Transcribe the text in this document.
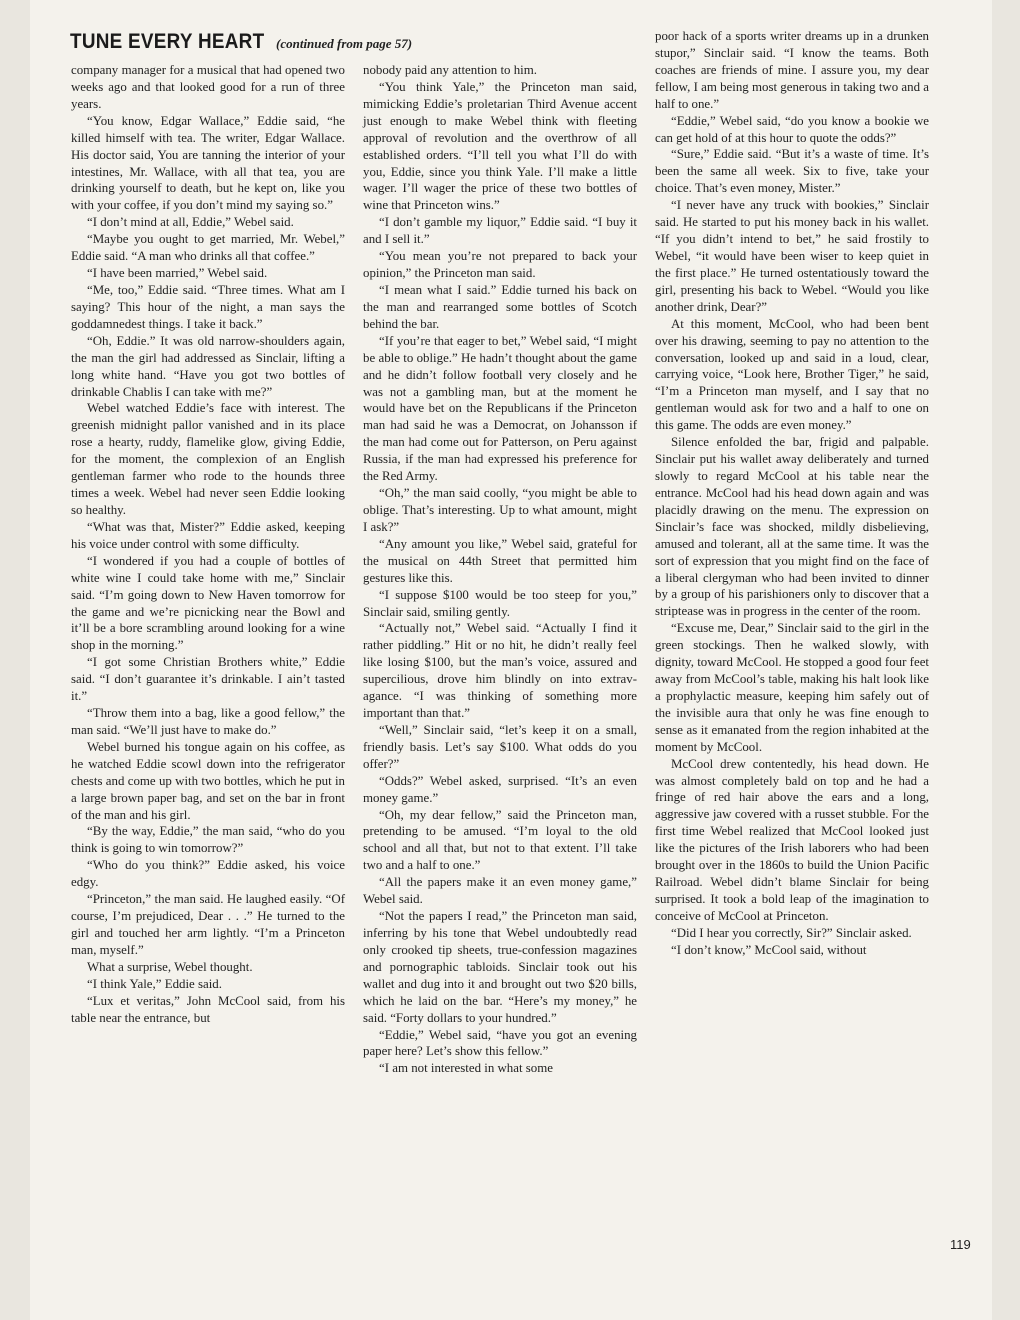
TUNE EVERY HEART (continued from page 57)

company manager for a musical that had opened two weeks ago and that looked good for a run of three years.

“You know, Edgar Wallace,” Eddie said, “he killed himself with tea. The writer, Edgar Wallace. His doctor said, You are tanning the interior of your intestines, Mr. Wallace, with all that tea, you are drinking yourself to death, but he kept on, like you with your coffee, if you don’t mind my saying so.”

“I don’t mind at all, Eddie,” Webel said.

“Maybe you ought to get married, Mr. Webel,” Eddie said. “A man who drinks all that coffee.”

“I have been married,” Webel said.

“Me, too,” Eddie said. “Three times. What am I saying? This hour of the night, a man says the goddamnedest things. I take it back.”

“Oh, Eddie.” It was old narrow-shoulders again, the man the girl had addressed as Sinclair, lifting a long white hand. “Have you got two bottles of drinkable Chablis I can take with me?”

Webel watched Eddie’s face with interest. The greenish midnight pallor vanished and in its place rose a hearty, ruddy, flamelike glow, giving Eddie, for the moment, the complexion of an English gentleman farmer who rode to the hounds three times a week. Webel had never seen Eddie looking so healthy.

“What was that, Mister?” Eddie asked, keeping his voice under control with some difficulty.

“I wondered if you had a couple of bottles of white wine I could take home with me,” Sinclair said. “I’m going down to New Haven tomorrow for the game and we’re picnicking near the Bowl and it’ll be a bore scrambling around looking for a wine shop in the morning.”

“I got some Christian Brothers white,” Eddie said. “I don’t guarantee it’s drinkable. I ain’t tasted it.”

“Throw them into a bag, like a good fellow,” the man said. “We’ll just have to make do.”

Webel burned his tongue again on his coffee, as he watched Eddie scowl down into the refrigerator chests and come up with two bottles, which he put in a large brown paper bag, and set on the bar in front of the man and his girl.

“By the way, Eddie,” the man said, “who do you think is going to win tomorrow?”

“Who do you think?” Eddie asked, his voice edgy.

“Princeton,” the man said. He laughed easily. “Of course, I’m prejudiced, Dear . . .” He turned to the girl and touched her arm lightly. “I’m a Princeton man, myself.”

What a surprise, Webel thought.

“I think Yale,” Eddie said.

“Lux et veritas,” John McCool said, from his table near the entrance, but

nobody paid any attention to him.

“You think Yale,” the Princeton man said, mimicking Eddie’s proletarian Third Avenue accent just enough to make Webel think with fleeting approval of revolution and the overthrow of all established orders. “I’ll tell you what I’ll do with you, Eddie, since you think Yale. I’ll make a little wager. I’ll wager the price of these two bottles of wine that Princeton wins.”

“I don’t gamble my liquor,” Eddie said. “I buy it and I sell it.”

“You mean you’re not prepared to back your opinion,” the Princeton man said.

“I mean what I said.” Eddie turned his back on the man and rearranged some bottles of Scotch behind the bar.

“If you’re that eager to bet,” Webel said, “I might be able to oblige.” He hadn’t thought about the game and he didn’t follow football very closely and he was not a gambling man, but at the moment he would have bet on the Republicans if the Princeton man had said he was a Democrat, on Johansson if the man had come out for Patterson, on Peru against Russia, if the man had expressed his preference for the Red Army.

“Oh,” the man said coolly, “you might be able to oblige. That’s interesting. Up to what amount, might I ask?”

“Any amount you like,” Webel said, grateful for the musical on 44th Street that permitted him gestures like this.

“I suppose $100 would be too steep for you,” Sinclair said, smiling gently.

“Actually not,” Webel said. “Actually I find it rather piddling.” Hit or no hit, he didn’t really feel like losing $100, but the man’s voice, assured and supercilious, drove him blindly on into extravagance. “I was thinking of something more important than that.”

“Well,” Sinclair said, “let’s keep it on a small, friendly basis. Let’s say $100. What odds do you offer?”

“Odds?” Webel asked, surprised. “It’s an even money game.”

“Oh, my dear fellow,” said the Princeton man, pretending to be amused. “I’m loyal to the old school and all that, but not to that extent. I’ll take two and a half to one.”

“All the papers make it an even money game,” Webel said.

“Not the papers I read,” the Princeton man said, inferring by his tone that Webel undoubtedly read only crooked tip sheets, true-confession magazines and pornographic tabloids. Sinclair took out his wallet and dug into it and brought out two $20 bills, which he laid on the bar. “Here’s my money,” he said. “Forty dollars to your hundred.”

“Eddie,” Webel said, “have you got an evening paper here? Let’s show this fellow.”

“I am not interested in what some

poor hack of a sports writer dreams up in a drunken stupor,” Sinclair said. “I know the teams. Both coaches are friends of mine. I assure you, my dear fellow, I am being most generous in taking two and a half to one.”

“Eddie,” Webel said, “do you know a bookie we can get hold of at this hour to quote the odds?”

“Sure,” Eddie said. “But it’s a waste of time. It’s been the same all week. Six to five, take your choice. That’s even money, Mister.”

“I never have any truck with bookies,” Sinclair said. He started to put his money back in his wallet. “If you didn’t intend to bet,” he said frostily to Webel, “it would have been wiser to keep quiet in the first place.” He turned ostentatiously toward the girl, presenting his back to Webel. “Would you like another drink, Dear?”

At this moment, McCool, who had been bent over his drawing, seeming to pay no attention to the conversation, looked up and said in a loud, clear, carrying voice, “Look here, Brother Tiger,” he said, “I’m a Princeton man myself, and I say that no gentleman would ask for two and a half to one on this game. The odds are even money.”

Silence enfolded the bar, frigid and palpable. Sinclair put his wallet away deliberately and turned slowly to regard McCool at his table near the entrance. McCool had his head down again and was placidly drawing on the menu. The expression on Sinclair’s face was shocked, mildly disbelieving, amused and tolerant, all at the same time. It was the sort of expression that you might find on the face of a liberal clergyman who had been invited to dinner by a group of his parishioners only to discover that a striptease was in progress in the center of the room.

“Excuse me, Dear,” Sinclair said to the girl in the green stockings. Then he walked slowly, with dignity, toward McCool. He stopped a good four feet away from McCool’s table, making his halt look like a prophylactic measure, keeping him safely out of the invisible aura that only he was fine enough to sense as it emanated from the region inhabited at the moment by McCool.

McCool drew contentedly, his head down. He was almost completely bald on top and he had a fringe of red hair above the ears and a long, aggressive jaw covered with a russet stubble. For the first time Webel realized that McCool looked just like the pictures of the Irish laborers who had been brought over in the 1860s to build the Union Pacific Railroad. Webel didn’t blame Sinclair for being surprised. It took a bold leap of the imagination to conceive of McCool at Princeton.

“Did I hear you correctly, Sir?” Sinclair asked.

“I don’t know,” McCool said, without

119
